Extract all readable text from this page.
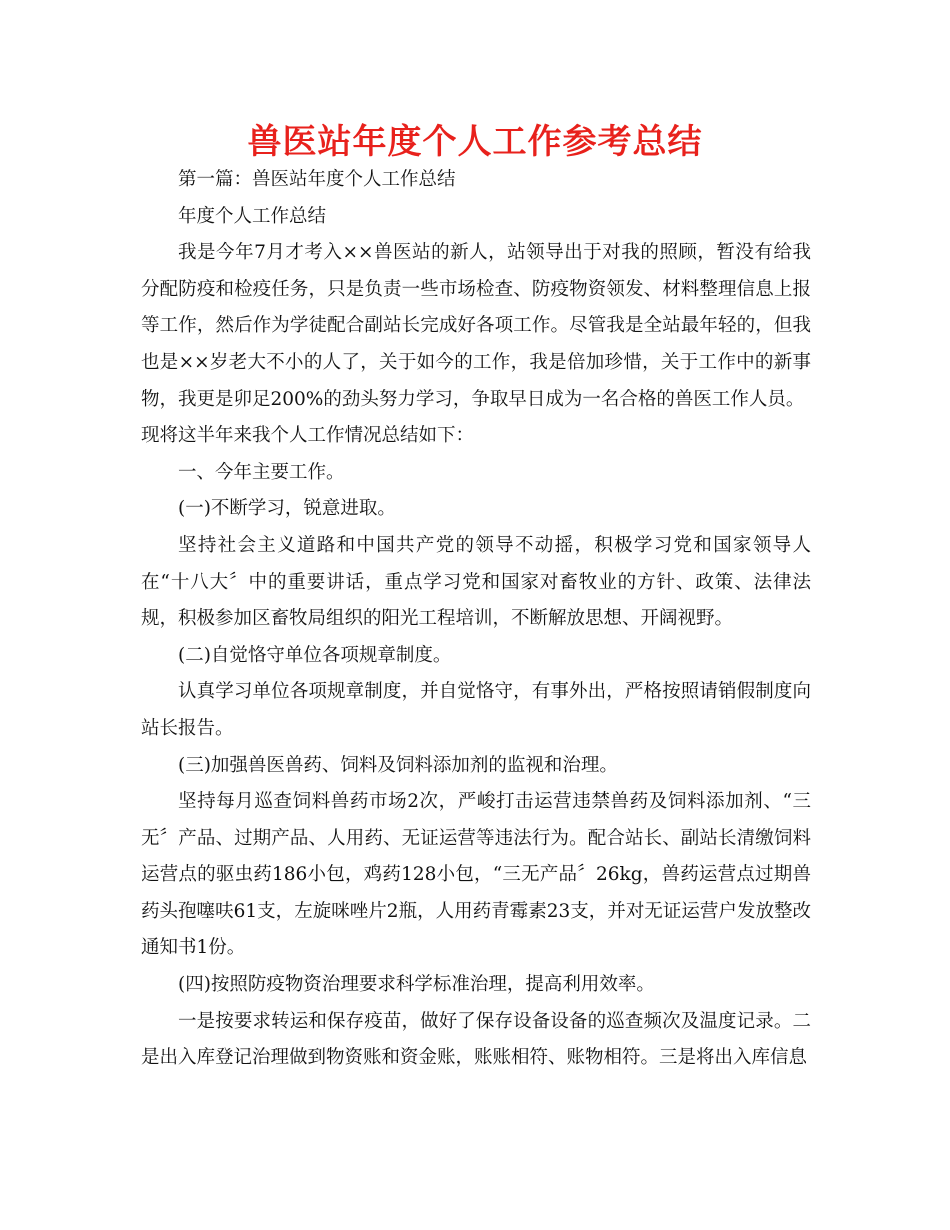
兽医站年度个人工作参考总结

第一篇：兽医站年度个人工作总结

年度个人工作总结

我是今年7月才考入××兽医站的新人，站领导出于对我的照顾，暂没有给我分配防疫和检疫任务，只是负责一些市场检查、防疫物资领发、材料整理信息上报等工作，然后作为学徒配合副站长完成好各项工作。尽管我是全站最年轻的，但我也是××岁老大不小的人了，关于如今的工作，我是倍加珍惜，关于工作中的新事物，我更是卯足200%的劲头努力学习，争取早日成为一名合格的兽医工作人员。

现将这半年来我个人工作情况总结如下：

一、今年主要工作。

(一)不断学习，锐意进取。

坚持社会主义道路和中国共产党的领导不动摇，积极学习党和国家领导人在“十八大〞中的重要讲话，重点学习党和国家对畜牧业的方针、政策、法律法规，积极参加区畜牧局组织的阳光工程培训，不断解放思想、开阔视野。

(二)自觉恪守单位各项规章制度。

认真学习单位各项规章制度，并自觉恪守，有事外出，严格按照请销假制度向站长报告。

(三)加强兽医兽药、饲料及饲料添加剂的监视和治理。

坚持每月巡查饲料兽药市场2次，严峻打击运营违禁兽药及饲料添加剂、“三无〞产品、过期产品、人用药、无证运营等违法行为。配合站长、副站长清缴饲料运营点的驱虫药186小包，鸡药128小包，“三无产品〞26kg，兽药运营点过期兽药头孢噻呋61支，左旋咪唑片2瓶，人用药青霉素23支，并对无证运营户发放整改通知书1份。

(四)按照防疫物资治理要求科学标准治理，提高利用效率。

一是按要求转运和保存疫苗，做好了保存设备设备的巡查频次及温度记录。二是出入库登记治理做到物资账和资金账，账账相符、账物相符。三是将出入库信息
